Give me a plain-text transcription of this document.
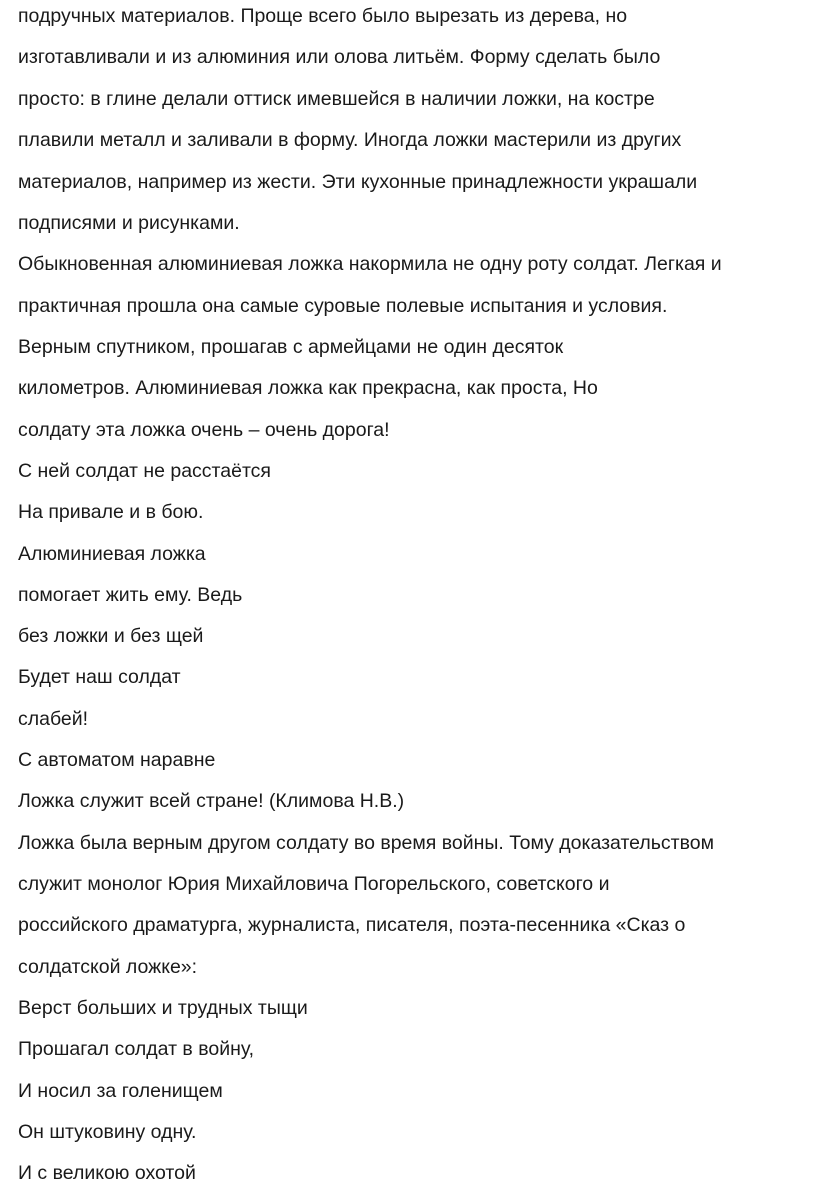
подручных материалов. Проще всего было вырезать из дерева, но
изготавливали и из алюминия или олова литьём. Форму сделать было
просто: в глине делали оттиск имевшейся в наличии ложки, на костре
плавили металл и заливали в форму. Иногда ложки мастерили из других
материалов, например из жести. Эти кухонные принадлежности украшали
подписями и рисунками.
Обыкновенная алюминиевая ложка накормила не одну роту солдат. Легкая и
практичная прошла она самые суровые полевые испытания и условия.
Верным спутником, прошагав с армейцами не один десяток
километров. Алюминиевая ложка как прекрасна, как проста, Но
солдату эта ложка очень – очень дорога!
С ней солдат не расстаётся
На привале и в бою.
Алюминиевая ложка
помогает жить ему. Ведь
без ложки и без щей
Будет наш солдат
слабей!
С автоматом наравне
Ложка служит всей стране! (Климова Н.В.)
Ложка была верным другом солдату во время войны. Тому доказательством
служит монолог Юрия Михайловича Погорельского, советского и
российского драматурга, журналиста, писателя, поэта-песенника «Сказ о
солдатской ложке»:
Верст больших и трудных тыщи
Прошагал солдат в войну,
И носил за голенищем
Он штуковину одну.
И с великою охотой
